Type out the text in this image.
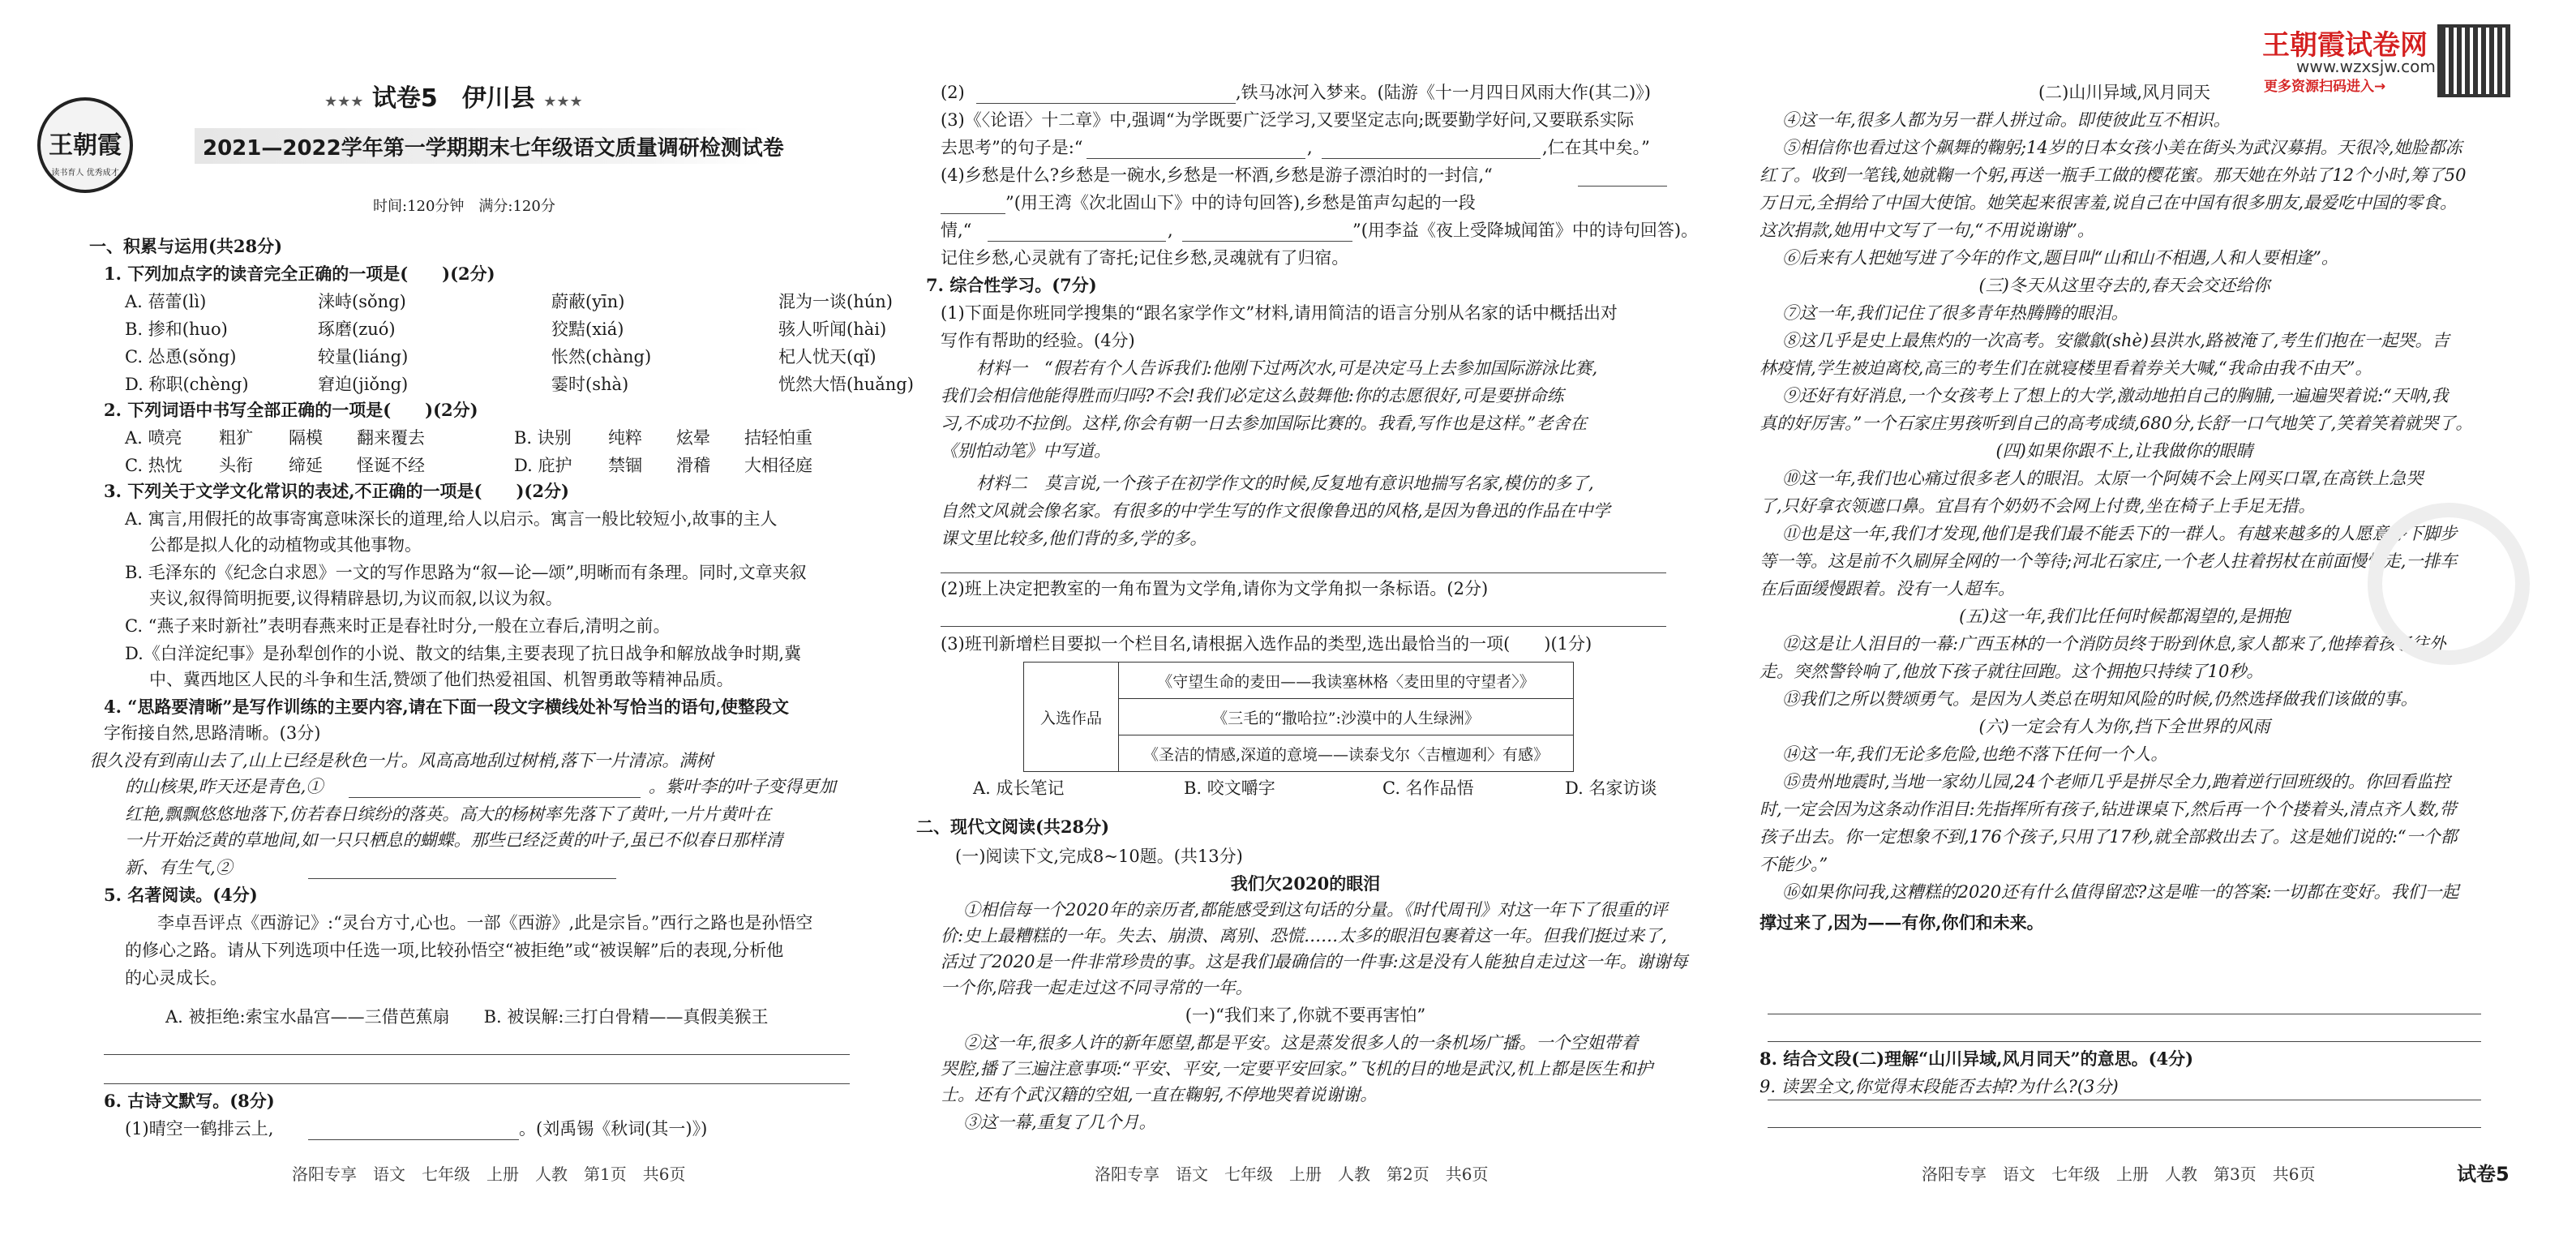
王朝霞
读书育人 优秀成才
★★★ 试卷5　伊川县 ★★★
2021—2022学年第一学期期末七年级语文质量调研检测试卷
时间:120分钟　满分:120分
王朝霞试卷网
www.wzxsjw.com
更多资源扫码进入→
一、积累与运用(共28分)
1. 下列加点字的读音完全正确的一项是(　　)(2分)
A. 蓓蕾(lì)	涞峙(sǒng)	蔚蔽(yīn)	混为一谈(hún)
B. 掺和(huo)	琢磨(zuó)	狡黠(xiá)	骇人听闻(hài)
C. 怂恿(sǒng)	较量(liáng)	怅然(chàng)	杞人忧天(qǐ)
D. 称职(chèng)	窘迫(jiǒng)	霎时(shà)	恍然大悟(huǎng)
2. 下列词语中书写全部正确的一项是(　　)(2分)
A. 喷亮 粗犷 隔模 翻来覆去	B. 诀别 纯粹 炫晕 拮轻怕重
C. 热忱 头衔 缔延 怪诞不经	D. 庇护 禁锢 滑稽 大相径庭
3. 下列关于文学文化常识的表述,不正确的一项是(　　)(2分)
A. 寓言,用假托的故事寄寓意味深长的道理,给人以启示。寓言一般比较短小,故事的主人
公都是拟人化的动植物或其他事物。
B. 毛泽东的《纪念白求恩》一文的写作思路为“叙—论—颂”,明晰而有条理。同时,文章夹叙
夹议,叙得简明扼要,议得精辟悬切,为议而叙,以议为叙。
C. “燕子来时新社”表明春燕来时正是春社时分,一般在立春后,清明之前。
D.《白洋淀纪事》是孙犁创作的小说、散文的结集,主要表现了抗日战争和解放战争时期,冀
中、冀西地区人民的斗争和生活,赞颂了他们热爱祖国、机智勇敢等精神品质。
4. “思路要清晰”是写作训练的主要内容,请在下面一段文字横线处补写恰当的语句,使整段文
字衔接自然,思路清晰。(3分)
很久没有到南山去了,山上已经是秋色一片。风高高地刮过树梢,落下一片清凉。满树
的山核果,昨天还是青色,①	。紫叶李的叶子变得更加
红艳,飘飘悠悠地落下,仿若春日缤纷的落英。高大的杨树率先落下了黄叶,一片片黄叶在
一片开始泛黄的草地间,如一只只栖息的蝴蝶。那些已经泛黄的叶子,虽已不似春日那样清
新、有生气,②
5. 名著阅读。(4分)
李卓吾评点《西游记》:“灵台方寸,心也。一部《西游》,此是宗旨。”西行之路也是孙悟空
的修心之路。请从下列选项中任选一项,比较孙悟空“被拒绝”或“被误解”后的表现,分析他
的心灵成长。
A. 被拒绝:索宝水晶宫——三借芭蕉扇　　B. 被误解:三打白骨精——真假美猴王
6. 古诗文默写。(8分)
(1)晴空一鹤排云上,	。(刘禹锡《秋词(其一)》)
洛阳专享　语文　七年级　上册　人教　第1页　共6页
(2)	,铁马冰河入梦来。(陆游《十一月四日风雨大作(其二)》)
(3)《〈论语〉十二章》中,强调“为学既要广泛学习,又要坚定志向;既要勤学好问,又要联系实际
去思考”的句子是:“	,	,仁在其中矣。”
(4)乡愁是什么?乡愁是一碗水,乡愁是一杯酒,乡愁是游子漂泊时的一封信,“
”(用王湾《次北固山下》中的诗句回答),乡愁是笛声勾起的一段
情,“	,	”(用李益《夜上受降城闻笛》中的诗句回答)。
记住乡愁,心灵就有了寄托;记住乡愁,灵魂就有了归宿。
7. 综合性学习。(7分)
(1)下面是你班同学搜集的“跟名家学作文”材料,请用简洁的语言分别从名家的话中概括出对
写作有帮助的经验。(4分)
材料一　“假若有个人告诉我们:他刚下过两次水,可是决定马上去参加国际游泳比赛,
我们会相信他能得胜而归吗?不会!我们必定这么鼓舞他:你的志愿很好,可是要拼命练
习,不成功不拉倒。这样,你会有朝一日去参加国际比赛的。我看,写作也是这样。”老舍在
《别怕动笔》中写道。
材料二　莫言说,一个孩子在初学作文的时候,反复地有意识地揣写名家,模仿的多了,
自然文风就会像名家。有很多的中学生写的作文很像鲁迅的风格,是因为鲁迅的作品在中学
课文里比较多,他们背的多,学的多。
(2)班上决定把教室的一角布置为文学角,请你为文学角拟一条标语。(2分)
(3)班刊新增栏目要拟一个栏目名,请根据入选作品的类型,选出最恰当的一项(　　)(1分)
入选作品	《守望生命的麦田——我读塞林格〈麦田里的守望者〉》
《三毛的“撒哈拉”:沙漠中的人生绿洲》
《圣洁的情感,深道的意境——读泰戈尔〈吉檀迦利〉有感》
A. 成长笔记	B. 咬文嚼字	C. 名作品悟	D. 名家访谈
二、现代文阅读(共28分)
(一)阅读下文,完成8~10题。(共13分)
我们欠2020的眼泪
①相信每一个2020年的亲历者,都能感受到这句话的分量。《时代周刊》对这一年下了很重的评
价:史上最糟糕的一年。失去、崩溃、离别、恐慌……太多的眼泪包裹着这一年。但我们挺过来了,
活过了2020是一件非常珍贵的事。这是我们最确信的一件事:这是没有人能独自走过这一年。谢谢每
一个你,陪我一起走过这不同寻常的一年。
(一)“我们来了,你就不要再害怕”
②这一年,很多人许的新年愿望,都是平安。这是蒸发很多人的一条机场广播。一个空姐带着
哭腔,播了三遍注意事项:“平安、平安,一定要平安回家。”飞机的目的地是武汉,机上都是医生和护
士。还有个武汉籍的空姐,一直在鞠躬,不停地哭着说谢谢。
③这一幕,重复了几个月。
洛阳专享　语文　七年级　上册　人教　第2页　共6页
(二)山川异域,风月同天
④这一年,很多人都为另一群人拼过命。即使彼此互不相识。
⑤相信你也看过这个飙舞的鞠躬;14岁的日本女孩小美在街头为武汉募捐。天很冷,她脸都冻
红了。收到一笔钱,她就鞠一个躬,再送一瓶手工做的樱花蜜。那天她在外站了12个小时,筹了50
万日元,全捐给了中国大使馆。她笑起来很害羞,说自己在中国有很多朋友,最爱吃中国的零食。
这次捐款,她用中文写了一句,“不用说谢谢”。
⑥后来有人把她写进了今年的作文,题目叫“山和山不相遇,人和人要相逢”。
(三)冬天从这里夺去的,春天会交还给你
⑦这一年,我们记住了很多青年热腾腾的眼泪。
⑧这几乎是史上最焦灼的一次高考。安徽歙(shè)县洪水,路被淹了,考生们抱在一起哭。吉
林疫情,学生被迫离校,高三的考生们在就寝楼里看着券关大喊,“我命由我不由天”。
⑨还好有好消息,一个女孩考上了想上的大学,激动地拍自己的胸脯,一遍遍哭着说:“天呐,我
真的好厉害。”一个石家庄男孩听到自己的高考成绩,680分,长舒一口气地笑了,笑着笑着就哭了。
(四)如果你跟不上,让我做你的眼睛
⑩这一年,我们也心痛过很多老人的眼泪。太原一个阿姨不会上网买口罩,在高铁上急哭
了,只好拿衣领遮口鼻。宜昌有个奶奶不会网上付费,坐在椅子上手足无措。
⑪也是这一年,我们才发现,他们是我们最不能丢下的一群人。有越来越多的人愿意停下脚步
等一等。这是前不久刷屏全网的一个等待;河北石家庄,一个老人拄着拐杖在前面慢慢走,一排车
在后面缓慢跟着。没有一人超车。
(五)这一年,我们比任何时候都渴望的,是拥抱
⑫这是让人泪目的一幕:广西玉林的一个消防员终于盼到休息,家人都来了,他捧着孩子往外
走。突然警铃响了,他放下孩子就往回跑。这个拥抱只持续了10秒。
⑬我们之所以赞颂勇气。是因为人类总在明知风险的时候,仍然选择做我们该做的事。
(六)一定会有人为你,挡下全世界的风雨
⑭这一年,我们无论多危险,也绝不落下任何一个人。
⑮贵州地震时,当地一家幼儿园,24个老师几乎是拼尽全力,跑着逆行回班级的。你回看监控
时,一定会因为这条动作泪目:先指挥所有孩子,钻进课桌下,然后再一个个搂着头,清点齐人数,带
孩子出去。你一定想象不到,176个孩子,只用了17秒,就全部救出去了。这是她们说的:“一个都
不能少。”
⑯如果你问我,这糟糕的2020还有什么值得留恋?这是唯一的答案:一切都在变好。我们一起
撑过来了,因为——有你,你们和未来。
8. 结合文段(二)理解“山川异域,风月同天”的意思。(4分)
9. 读罢全文,你觉得末段能否去掉?为什么?(3分)
洛阳专享　语文　七年级　上册　人教　第3页　共6页	试卷5
